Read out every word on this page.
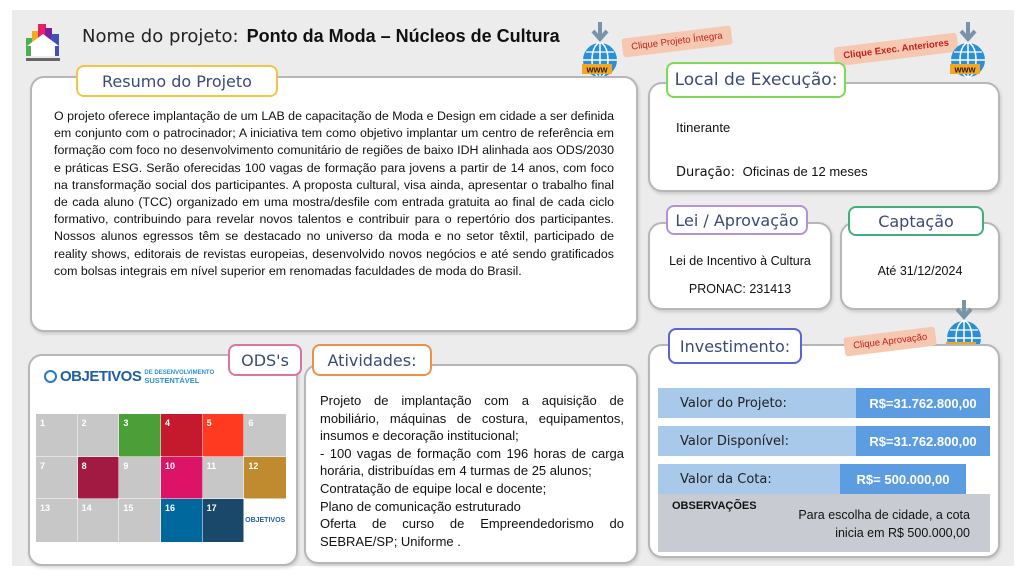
Nome do projeto: Ponto da Moda – Núcleos de Cultura
www
Clique Projeto Íntegra	Clique Exec. Anteriores
www
O projeto oferece implantação de um LAB de capacitação de Moda e Design em cidade a ser definida em conjunto com o patrocinador; A iniciativa tem como objetivo implantar um centro de referência em formação com foco no desenvolvimento comunitário de regiões de baixo IDH alinhada aos ODS/2030 e práticas ESG. Serão oferecidas 100 vagas de formação para jovens a partir de 14 anos, com foco na transformação social dos participantes. A proposta cultural, visa ainda, apresentar o trabalho final de cada aluno (TCC) organizado em uma mostra/desfile com entrada gratuita ao final de cada ciclo formativo, contribuindo para revelar novos talentos e contribuir para o repertório dos participantes. Nossos alunos egressos têm se destacado no universo da moda e no setor têxtil, participado de reality shows, editorais de revistas europeias, desenvolvido novos negócios e até sendo gratificados com bolsas integrais em nível superior em renomadas faculdades de moda do Brasil.
Resumo do Projeto
Itinerante
Duração: Oficinas de 12 meses
Local de Execução:
Lei de Incentivo à Cultura
PRONAC: 231413
Lei / Aprovação
Até 31/12/2024
Captação
Valor do Projeto:	R$=31.762.800,00
Valor Disponível:	R$=31.762.800,00
Valor da Cota:	R$= 500.000,00
OBSERVAÇÕES
Para escolha de cidade, a cota
inicia em R$ 500.000,00
Investimento:	Clique Aprovação
OBJETIVOS DE DESENVOLVIMENTO
SUSTENTÁVEL
1	2	3	4	5	6
7	8	9	10	11	12
13	14	15	16	17
OBJETIVOS
ODS's
Projeto de implantação com a aquisição de mobiliário, máquinas de costura, equipamentos, insumos e decoração institucional;
- 100 vagas de formação com 196 horas de carga horária, distribuídas em 4 turmas de 25 alunos;
Contratação de equipe local e docente;
Plano de comunicação estruturado
Oferta de curso de Empreendedorismo do SEBRAE/SP; Uniforme .
Atividades:
